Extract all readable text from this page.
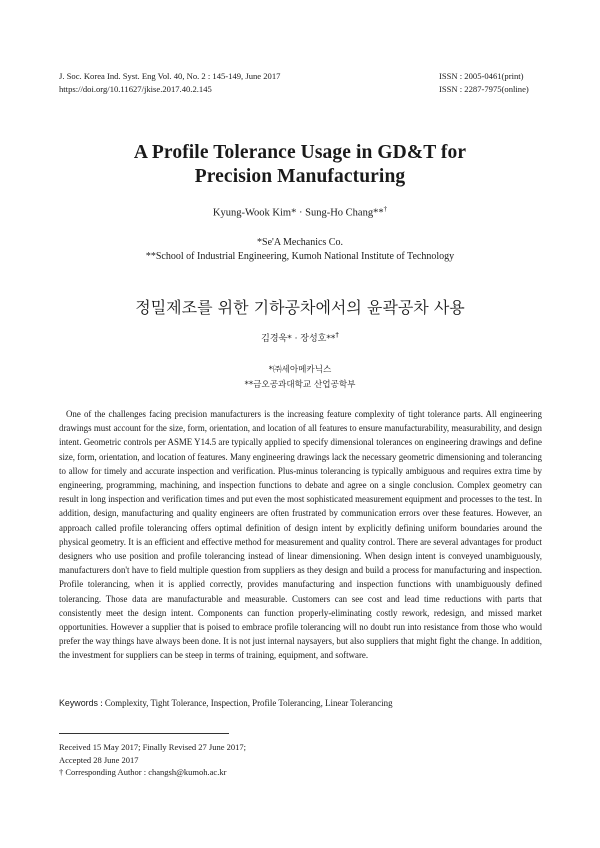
J. Soc. Korea Ind. Syst. Eng Vol. 40, No. 2 : 145-149, June 2017
https://doi.org/10.11627/jkise.2017.40.2.145
ISSN : 2005-0461(print)
ISSN : 2287-7975(online)
A Profile Tolerance Usage in GD&T for
Precision Manufacturing
Kyung-Wook Kim* · Sung-Ho Chang**†
*Se'A Mechanics Co.
**School of Industrial Engineering, Kumoh National Institute of Technology
정밀제조를 위한 기하공차에서의 윤곽공차 사용
김경욱* · 장성호**†
*㈜세아메카닉스
**금오공과대학교 산업공학부
One of the challenges facing precision manufacturers is the increasing feature complexity of tight tolerance parts. All engineering drawings must account for the size, form, orientation, and location of all features to ensure manufacturability, measurability, and design intent. Geometric controls per ASME Y14.5 are typically applied to specify dimensional tolerances on engineering drawings and define size, form, orientation, and location of features. Many engineering drawings lack the necessary geometric dimensioning and tolerancing to allow for timely and accurate inspection and verification. Plus-minus tolerancing is typically ambiguous and requires extra time by engineering, programming, machining, and inspection functions to debate and agree on a single conclusion. Complex geometry can result in long inspection and verification times and put even the most sophisticated measurement equipment and processes to the test. In addition, design, manufacturing and quality engineers are often frustrated by communication errors over these features. However, an approach called profile tolerancing offers optimal definition of design intent by explicitly defining uniform boundaries around the physical geometry. It is an efficient and effective method for measurement and quality control. There are several advantages for product designers who use position and profile tolerancing instead of linear dimensioning. When design intent is conveyed unambiguously, manufacturers don't have to field multiple question from suppliers as they design and build a process for manufacturing and inspection. Profile tolerancing, when it is applied correctly, provides manufacturing and inspection functions with unambiguously defined tolerancing. Those data are manufacturable and measurable. Customers can see cost and lead time reductions with parts that consistently meet the design intent. Components can function properly-eliminating costly rework, redesign, and missed market opportunities. However a supplier that is poised to embrace profile tolerancing will no doubt run into resistance from those who would prefer the way things have always been done. It is not just internal naysayers, but also suppliers that might fight the change. In addition, the investment for suppliers can be steep in terms of training, equipment, and software.
Keywords : Complexity, Tight Tolerance, Inspection, Profile Tolerancing, Linear Tolerancing
Received 15 May 2017; Finally Revised 27 June 2017;
Accepted 28 June 2017
† Corresponding Author : changsh@kumoh.ac.kr
